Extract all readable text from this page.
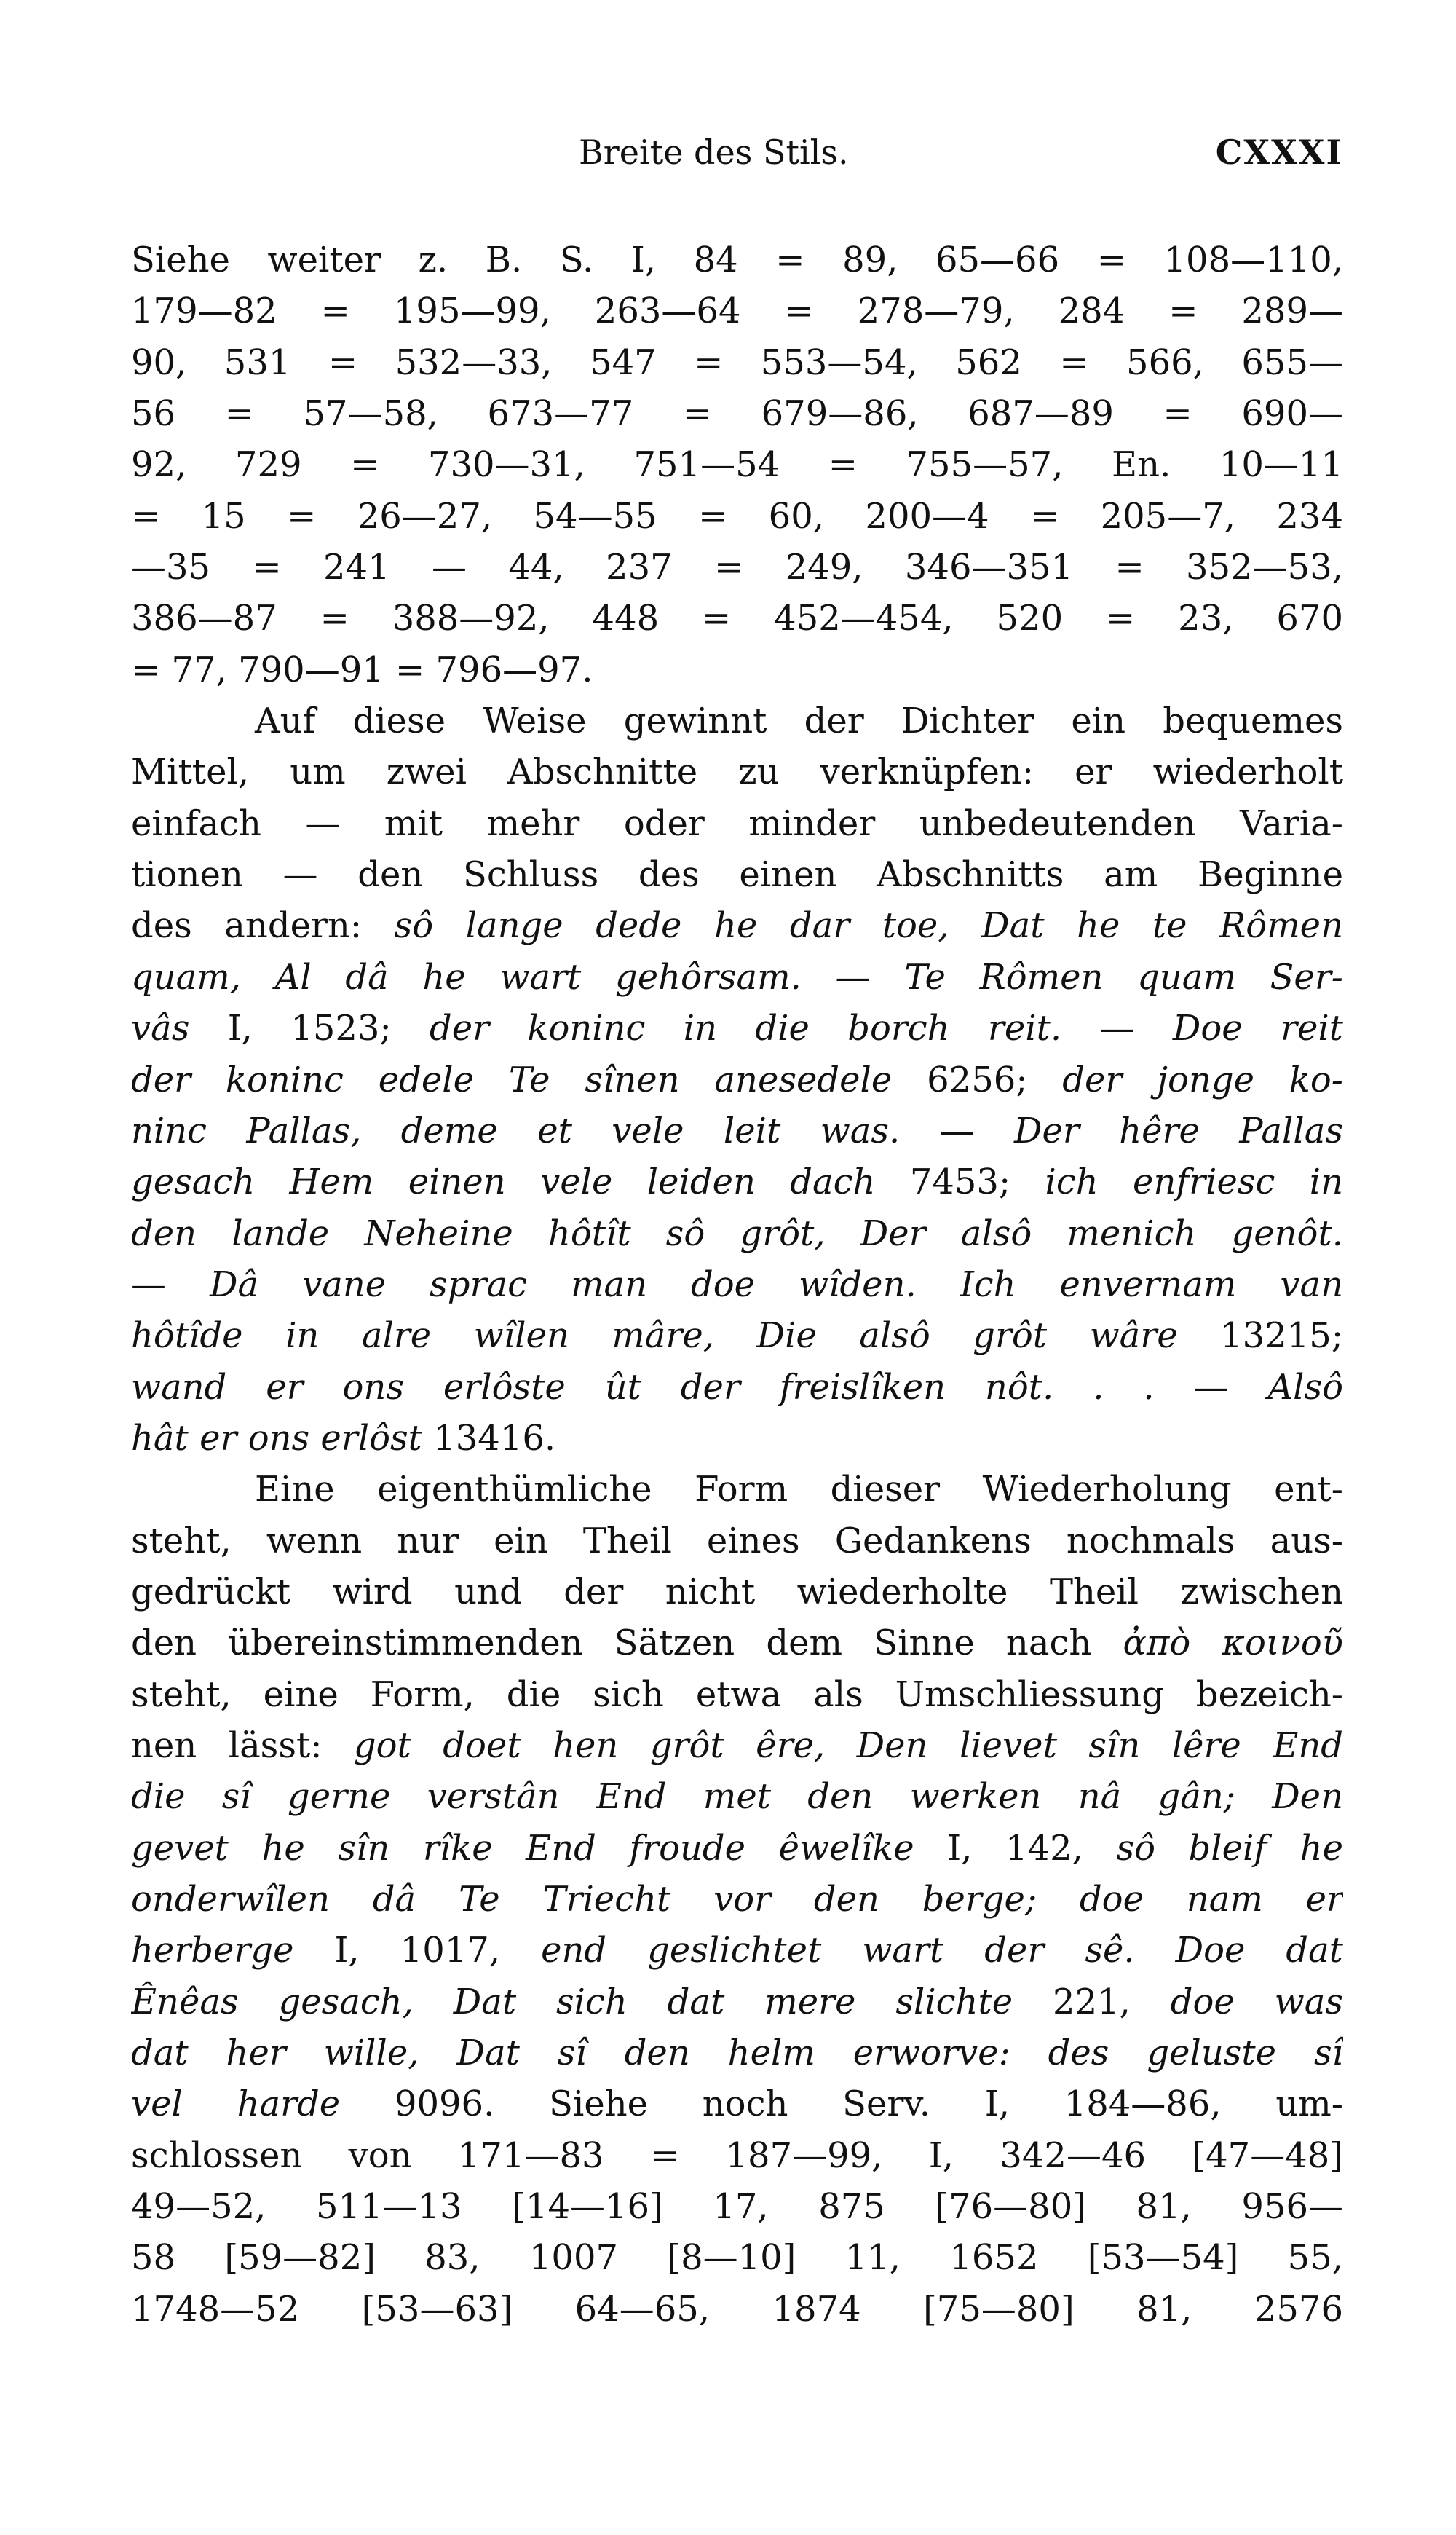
Breite des Stils.	CXXXI
Siehe weiter z. B. S. I, 84 = 89, 65—66 = 108—110,
179—82 = 195—99, 263—64 = 278—79, 284 = 289—
90, 531 = 532—33, 547 = 553—54, 562 = 566, 655—
56 = 57—58, 673—77 = 679—86, 687—89 = 690—
92, 729 = 730—31, 751—54 = 755—57, En. 10—11
= 15 = 26—27, 54—55 = 60, 200—4 = 205—7, 234
—35 = 241 — 44, 237 = 249, 346—351 = 352—53,
386—87 = 388—92, 448 = 452—454, 520 = 23, 670
= 77, 790—91 = 796—97.
Auf diese Weise gewinnt der Dichter ein bequemes
Mittel, um zwei Abschnitte zu verknüpfen: er wiederholt
einfach — mit mehr oder minder unbedeutenden Varia-
tionen — den Schluss des einen Abschnitts am Beginne
des andern: sô lange dede he dar toe, Dat he te Rômen
quam, Al dâ he wart gehôrsam. — Te Rômen quam Ser-
vâs I, 1523; der koninc in die borch reit. — Doe reit
der koninc edele Te sînen anesedele 6256; der jonge ko-
ninc Pallas, deme et vele leit was. — Der hêre Pallas
gesach Hem einen vele leiden dach 7453; ich enfriesc in
den lande Neheine hôtît sô grôt, Der alsô menich genôt.
— Dâ vane sprac man doe wîden. Ich envernam van
hôtîde in alre wîlen mâre, Die alsô grôt wâre 13215;
wand er ons erlôste ût der freislîken nôt. . . — Alsô
hât er ons erlôst 13416.
Eine eigenthümliche Form dieser Wiederholung ent-
steht, wenn nur ein Theil eines Gedankens nochmals aus-
gedrückt wird und der nicht wiederholte Theil zwischen
den übereinstimmenden Sätzen dem Sinne nach ἀπὸ κοινοῦ
steht, eine Form, die sich etwa als Umschliessung bezeich-
nen lässt: got doet hen grôt êre, Den lievet sîn lêre End
die sî gerne verstân End met den werken nâ gân; Den
gevet he sîn rîke End froude êwelîke I, 142, sô bleif he
onderwîlen dâ Te Triecht vor den berge; doe nam er
herberge I, 1017, end geslichtet wart der sê. Doe dat
Ênêas gesach, Dat sich dat mere slichte 221, doe was
dat her wille, Dat sî den helm erworve: des geluste sî
vel harde 9096. Siehe noch Serv. I, 184—86, um-
schlossen von 171—83 = 187—99, I, 342—46 [47—48]
49—52, 511—13 [14—16] 17, 875 [76—80] 81, 956—
58 [59—82] 83, 1007 [8—10] 11, 1652 [53—54] 55,
1748—52 [53—63] 64—65, 1874 [75—80] 81, 2576
